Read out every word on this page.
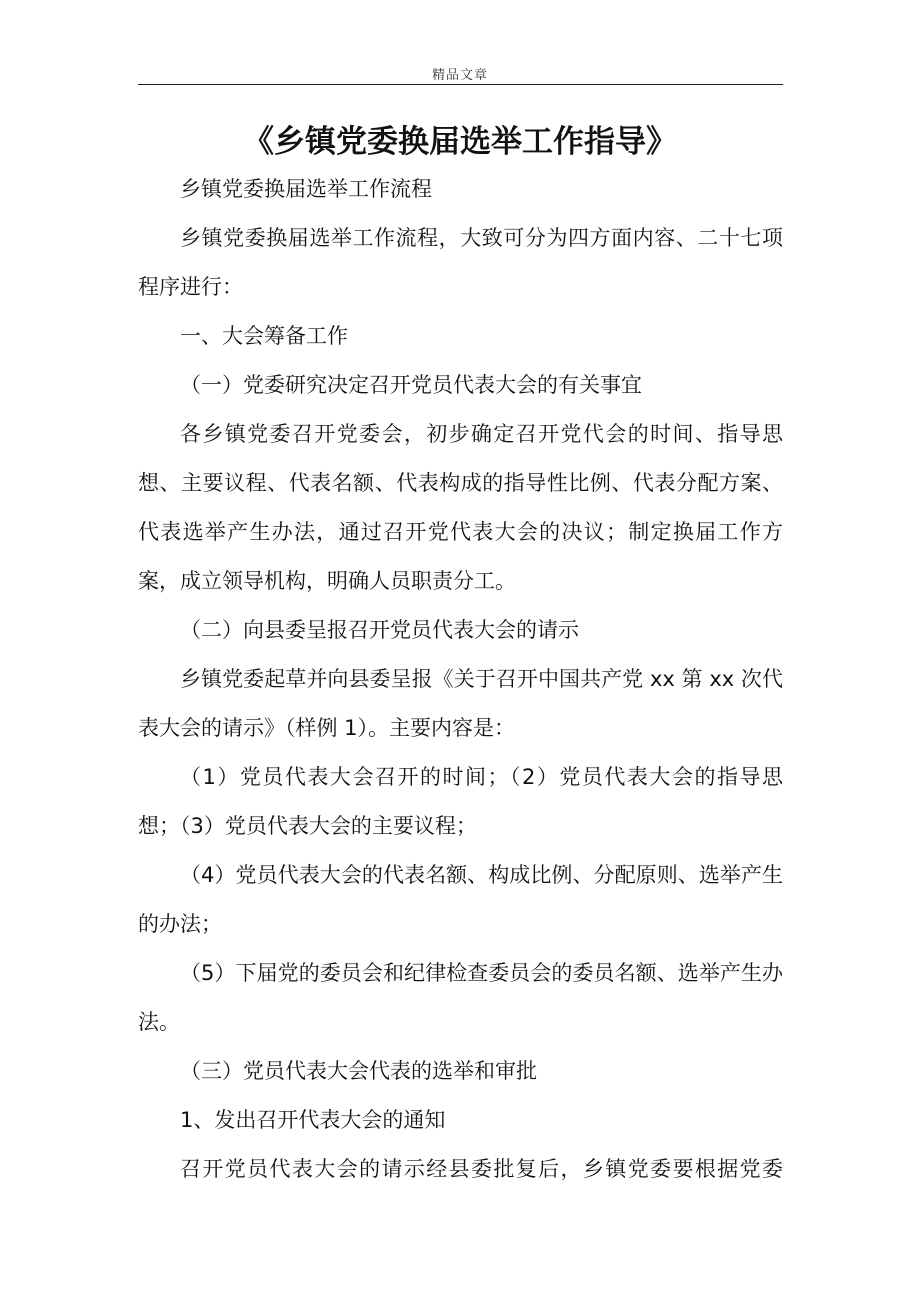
精品文章
《乡镇党委换届选举工作指导》

乡镇党委换届选举工作流程

乡镇党委换届选举工作流程，大致可分为四方面内容、二十七项程序进行：

一、大会筹备工作

（一）党委研究决定召开党员代表大会的有关事宜

各乡镇党委召开党委会，初步确定召开党代会的时间、指导思想、主要议程、代表名额、代表构成的指导性比例、代表分配方案、代表选举产生办法，通过召开党代表大会的决议；制定换届工作方案，成立领导机构，明确人员职责分工。

（二）向县委呈报召开党员代表大会的请示

乡镇党委起草并向县委呈报《关于召开中国共产党 xx 第 xx 次代表大会的请示》（样例 1）。主要内容是：

（1）党员代表大会召开的时间；（2）党员代表大会的指导思想；（3）党员代表大会的主要议程；

（4）党员代表大会的代表名额、构成比例、分配原则、选举产生的办法；

（5）下届党的委员会和纪律检查委员会的委员名额、选举产生办法。

（三）党员代表大会代表的选举和审批

1、发出召开代表大会的通知

召开党员代表大会的请示经县委批复后，乡镇党委要根据党委
